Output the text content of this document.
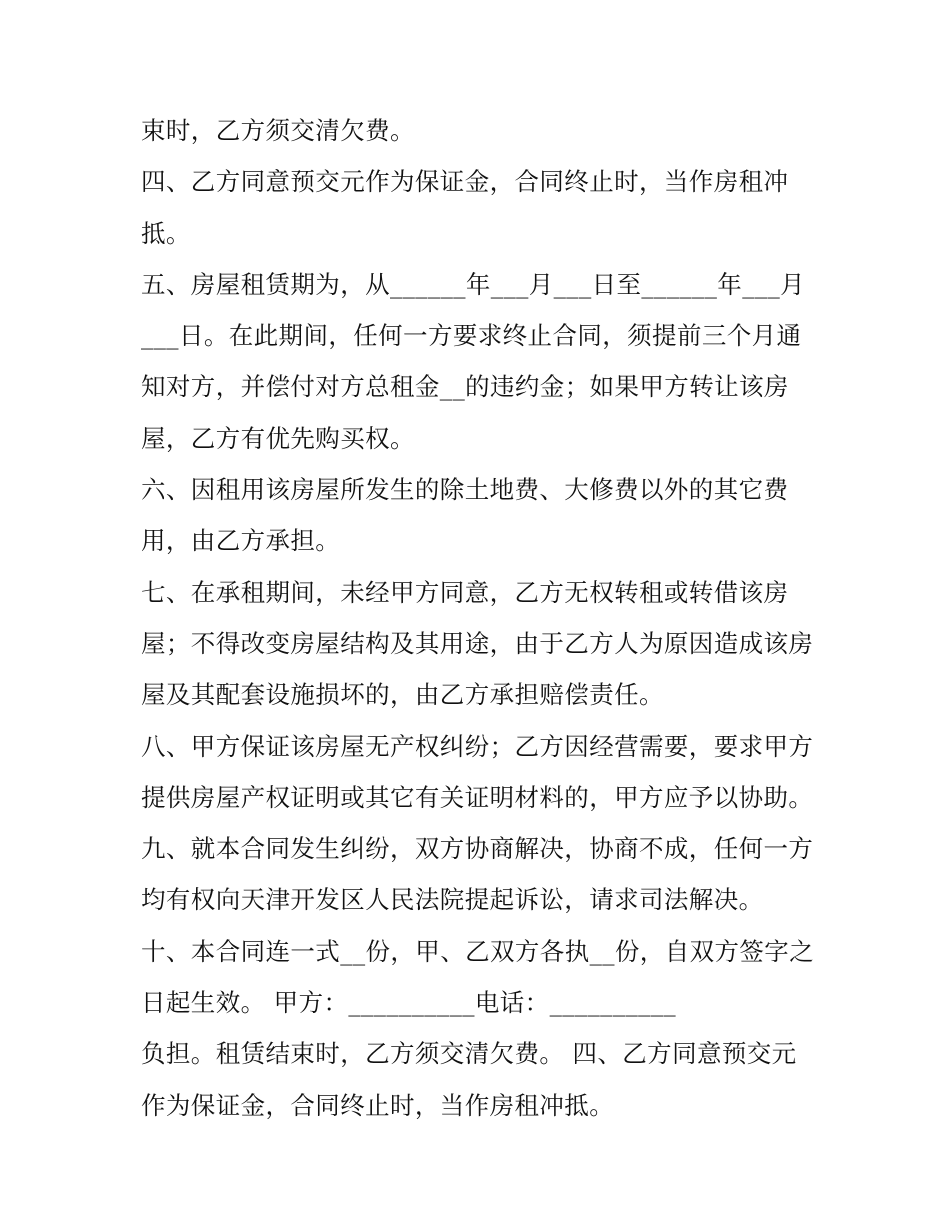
束时，乙方须交清欠费。
四、乙方同意预交元作为保证金，合同终止时，当作房租冲
抵。
五、房屋租赁期为，从______年___月___日至______年___月
___日。在此期间，任何一方要求终止合同，须提前三个月通
知对方，并偿付对方总租金__的违约金；如果甲方转让该房
屋，乙方有优先购买权。
六、因租用该房屋所发生的除土地费、大修费以外的其它费
用，由乙方承担。
七、在承租期间，未经甲方同意，乙方无权转租或转借该房
屋；不得改变房屋结构及其用途，由于乙方人为原因造成该房
屋及其配套设施损坏的，由乙方承担赔偿责任。
八、甲方保证该房屋无产权纠纷；乙方因经营需要，要求甲方
提供房屋产权证明或其它有关证明材料的，甲方应予以协助。
九、就本合同发生纠纷，双方协商解决，协商不成，任何一方
均有权向天津开发区人民法院提起诉讼，请求司法解决。
十、本合同连一式__份，甲、乙双方各执__份，自双方签字之
日起生效。 甲方：__________电话：__________
负担。租赁结束时，乙方须交清欠费。 四、乙方同意预交元
作为保证金，合同终止时，当作房租冲抵。
